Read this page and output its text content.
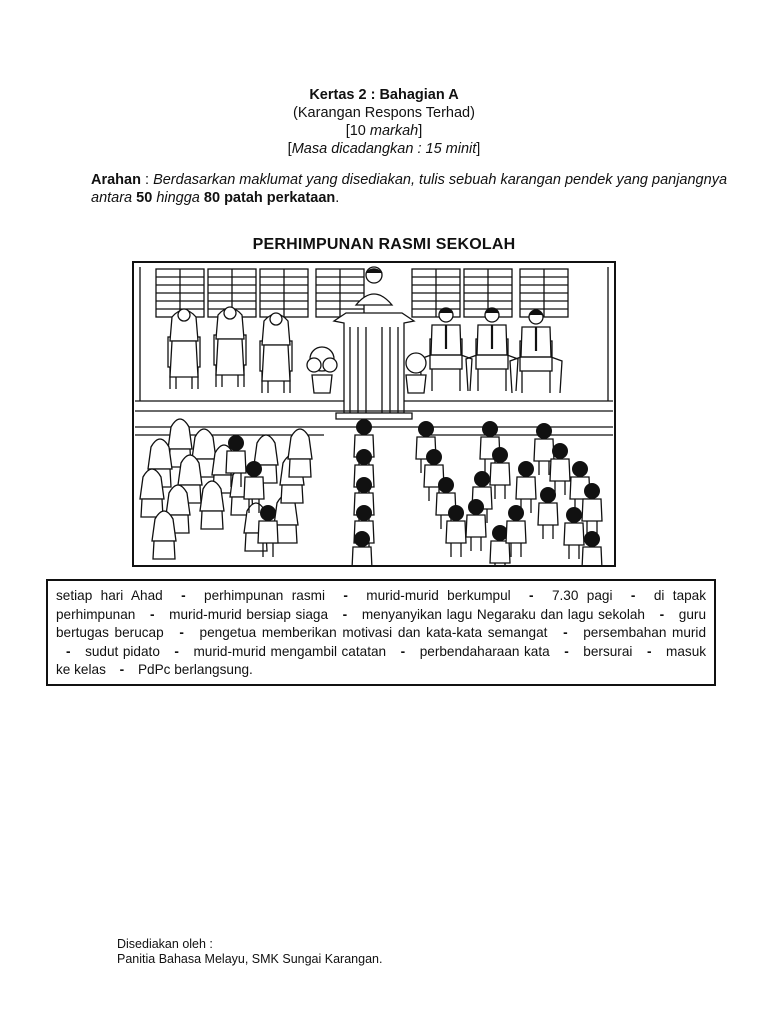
Kertas 2 : Bahagian A
(Karangan Respons Terhad)
[10 markah]
[Masa dicadangkan : 15 minit]
Arahan : Berdasarkan maklumat yang disediakan, tulis sebuah karangan pendek yang panjangnya antara 50 hingga 80 patah perkataan.
PERHIMPUNAN RASMI SEKOLAH
setiap hari Ahad - perhimpunan rasmi - murid-murid berkumpul - 7.30 pagi - di tapak perhimpunan - murid-murid bersiap siaga - menyanyikan lagu Negaraku dan lagu sekolah - guru bertugas berucap - pengetua memberikan motivasi dan kata-kata semangat - persembahan murid - sudut pidato - murid-murid mengambil catatan - perbendaharaan kata - bersurai - masuk ke kelas - PdPc berlangsung.
Disediakan oleh :
Panitia Bahasa Melayu, SMK Sungai Karangan.
